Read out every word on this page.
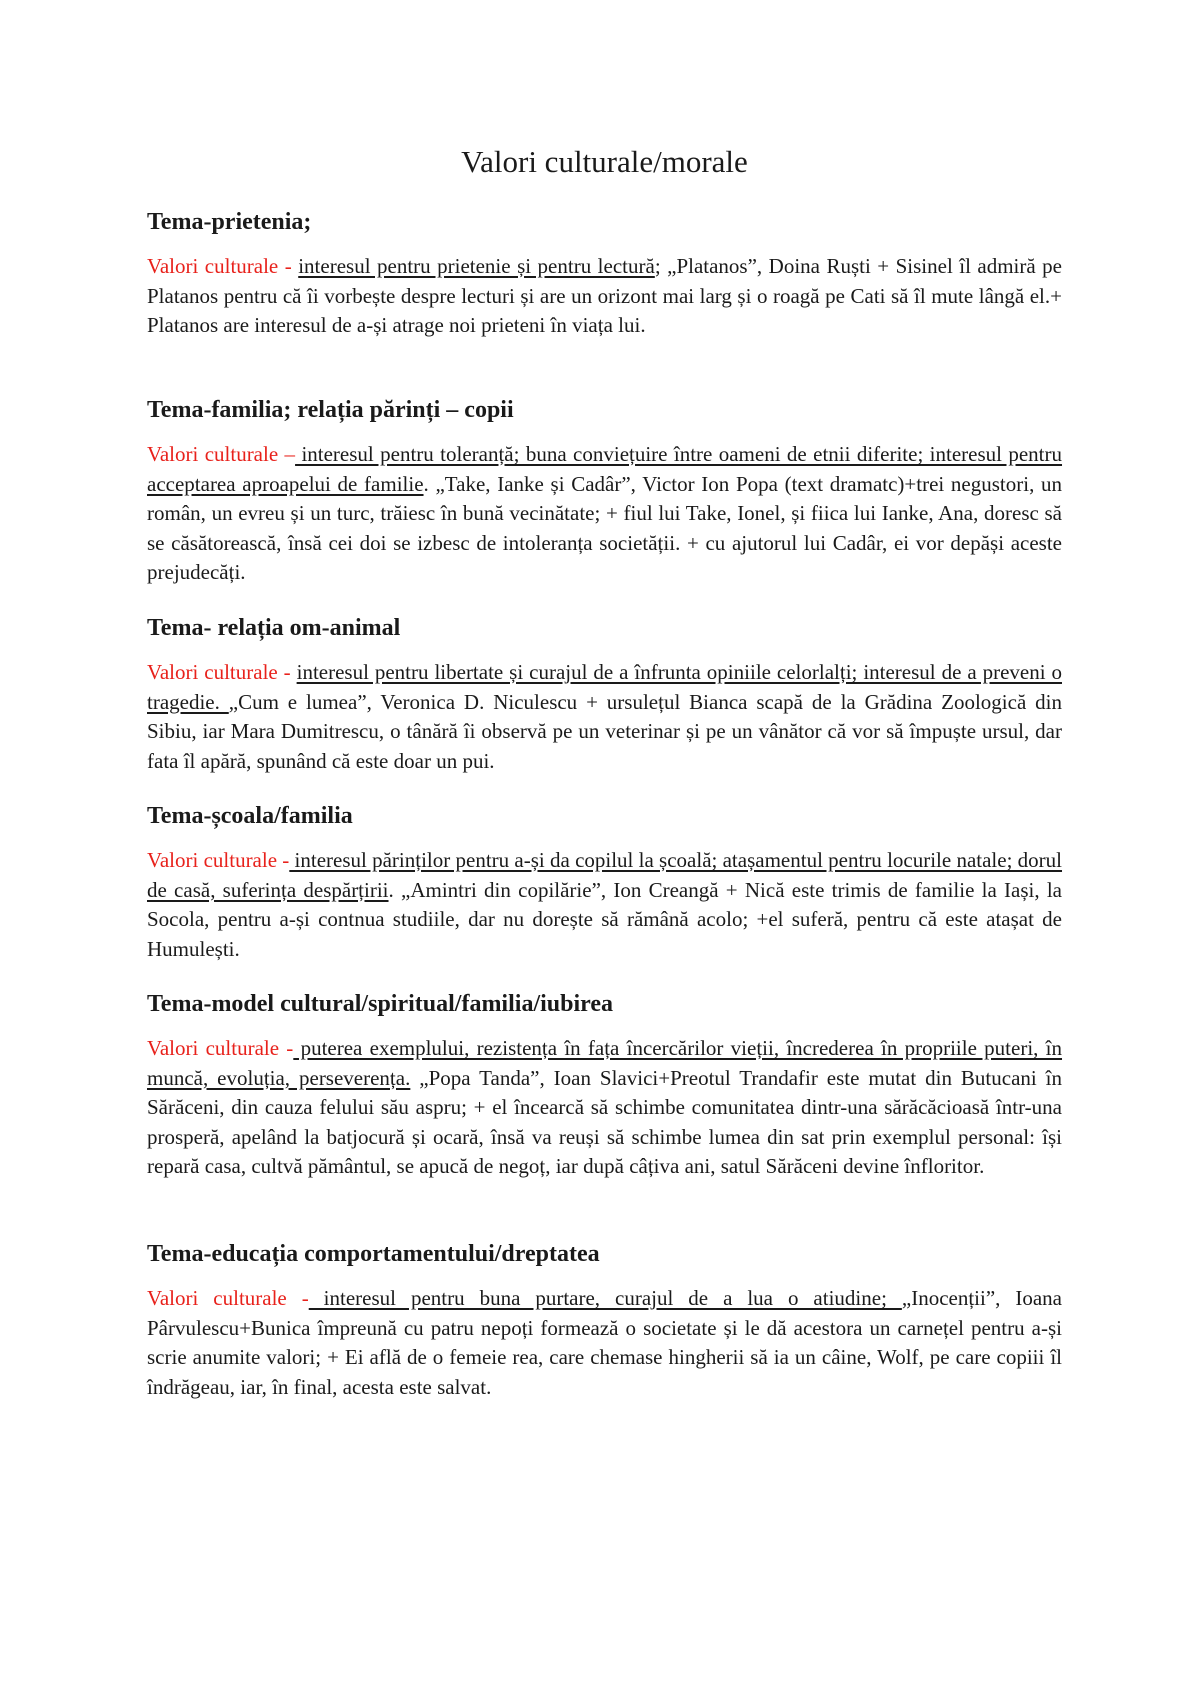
Valori culturale/morale
Tema-prietenia;

Valori culturale - interesul pentru prietenie și pentru lectură; „Platanos”, Doina Ruști + Sisinel îl admiră pe Platanos pentru că îi vorbește despre lecturi și are un orizont mai larg și o roagă pe Cati să îl mute lângă el.+ Platanos are interesul de a-și atrage noi prieteni în viața lui.

Tema-familia; relația părinți – copii

Valori culturale – interesul pentru toleranță; buna conviețuire între oameni de etnii diferite; interesul pentru acceptarea aproapelui de familie. „Take, Ianke și Cadâr”, Victor Ion Popa (text dramatc)+trei negustori, un român, un evreu și un turc, trăiesc în bună vecinătate; + fiul lui Take, Ionel, și fiica lui Ianke, Ana, doresc să se căsătorească, însă cei doi se izbesc de intoleranța societății. + cu ajutorul lui Cadâr, ei vor depăși aceste prejudecăți.

Tema- relația om-animal

Valori culturale - interesul pentru libertate și curajul de a înfrunta opiniile celorlalți; interesul de a preveni o tragedie. „Cum e lumea”, Veronica D. Niculescu + ursulețul Bianca scapă de la Grădina Zoologică din Sibiu, iar Mara Dumitrescu, o tânără îi observă pe un veterinar și pe un vânător că vor să împuște ursul, dar fata îl apără, spunând că este doar un pui.

Tema-școala/familia

Valori culturale - interesul părinților pentru a-și da copilul la școală; atașamentul pentru locurile natale; dorul de casă, suferința despărțirii. „Amintri din copilărie”, Ion Creangă + Nică este trimis de familie la Iași, la Socola, pentru a-și contnua studiile, dar nu dorește să rămână acolo; +el suferă, pentru că este atașat de Humulești.

Tema-model cultural/spiritual/familia/iubirea

Valori culturale - puterea exemplului, rezistența în fața încercărilor vieții, încrederea în propriile puteri, în muncă, evoluția, perseverența. „Popa Tanda”, Ioan Slavici+Preotul Trandafir este mutat din Butucani în Sărăceni, din cauza felului său aspru; + el încearcă să schimbe comunitatea dintr-una sărăcăcioasă într-una prosperă, apelând la batjocură și ocară, însă va reuși să schimbe lumea din sat prin exemplul personal: își repară casa, cultvă pământul, se apucă de negoț, iar după câțiva ani, satul Sărăceni devine înfloritor.

Tema-educația comportamentului/dreptatea

Valori culturale - interesul pentru buna purtare, curajul de a lua o atiudine; „Inocenții”, Ioana Pârvulescu+Bunica împreună cu patru nepoți formează o societate și le dă acestora un carnețel pentru a-și scrie anumite valori; + Ei află de o femeie rea, care chemase hingherii să ia un câine, Wolf, pe care copiii îl îndrăgeau, iar, în final, acesta este salvat.
